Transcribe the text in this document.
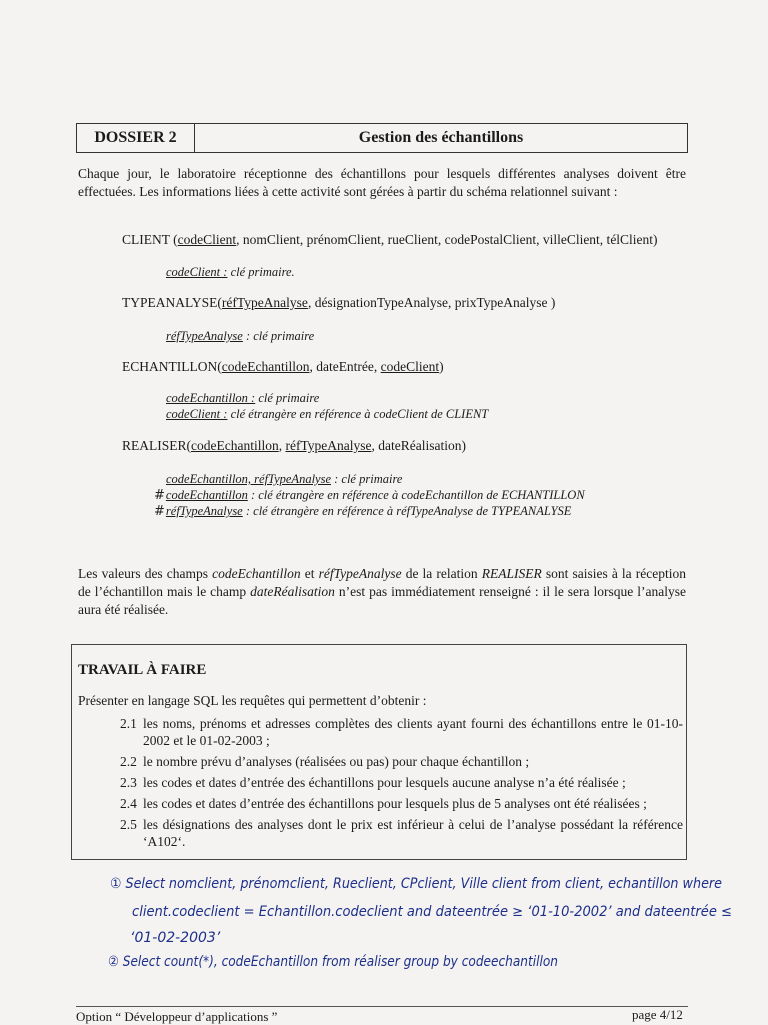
DOSSIER 2	Gestion des échantillons
Chaque jour, le laboratoire réceptionne des échantillons pour lesquels différentes analyses doivent être effectuées. Les informations liées à cette activité sont gérées à partir du schéma relationnel suivant :
CLIENT (codeClient, nomClient, prénomClient, rueClient, codePostalClient, villeClient, télClient)
codeClient : clé primaire.
TYPEANALYSE(réfTypeAnalyse, désignationTypeAnalyse, prixTypeAnalyse )
réfTypeAnalyse : clé primaire
ECHANTILLON(codeEchantillon, dateEntrée, codeClient)
codeEchantillon : clé primaire
codeClient : clé étrangère en référence à codeClient de CLIENT
REALISER(codeEchantillon, réfTypeAnalyse, dateRéalisation)
codeEchantillon, réfTypeAnalyse : clé primaire
#codeEchantillon : clé étrangère en référence à codeEchantillon de ECHANTILLON
#réfTypeAnalyse : clé étrangère en référence à réfTypeAnalyse de TYPEANALYSE
Les valeurs des champs codeEchantillon et réfTypeAnalyse de la relation REALISER sont saisies à la réception de l’échantillon mais le champ dateRéalisation n’est pas immédiatement renseigné : il le sera lorsque l’analyse aura été réalisée.
TRAVAIL À FAIRE
Présenter en langage SQL les requêtes qui permettent d’obtenir :
2.1 les noms, prénoms et adresses complètes des clients ayant fourni des échantillons entre le 01-10-2002 et le 01-02-2003 ;
2.2 le nombre prévu d’analyses (réalisées ou pas) pour chaque échantillon ;
2.3 les codes et dates d’entrée des échantillons pour lesquels aucune analyse n’a été réalisée ;
2.4 les codes et dates d’entrée des échantillons pour lesquels plus de 5 analyses ont été réalisées ;
2.5 les désignations des analyses dont le prix est inférieur à celui de l’analyse possédant la référence ‘A102‘.
① Select nomclient, prénomclient, Rueclient, CPclient, Ville client from client, echantillon where
client.codeclient = Echantillon.codeclient and dateentrée ≥ ‘01-10-2002’ and dateentrée ≤
‘01-02-2003’
② Select count(*), codeEchantillon from réaliser group by codeechantillon
Option “ Développeur d’applications ”	page 4/12
